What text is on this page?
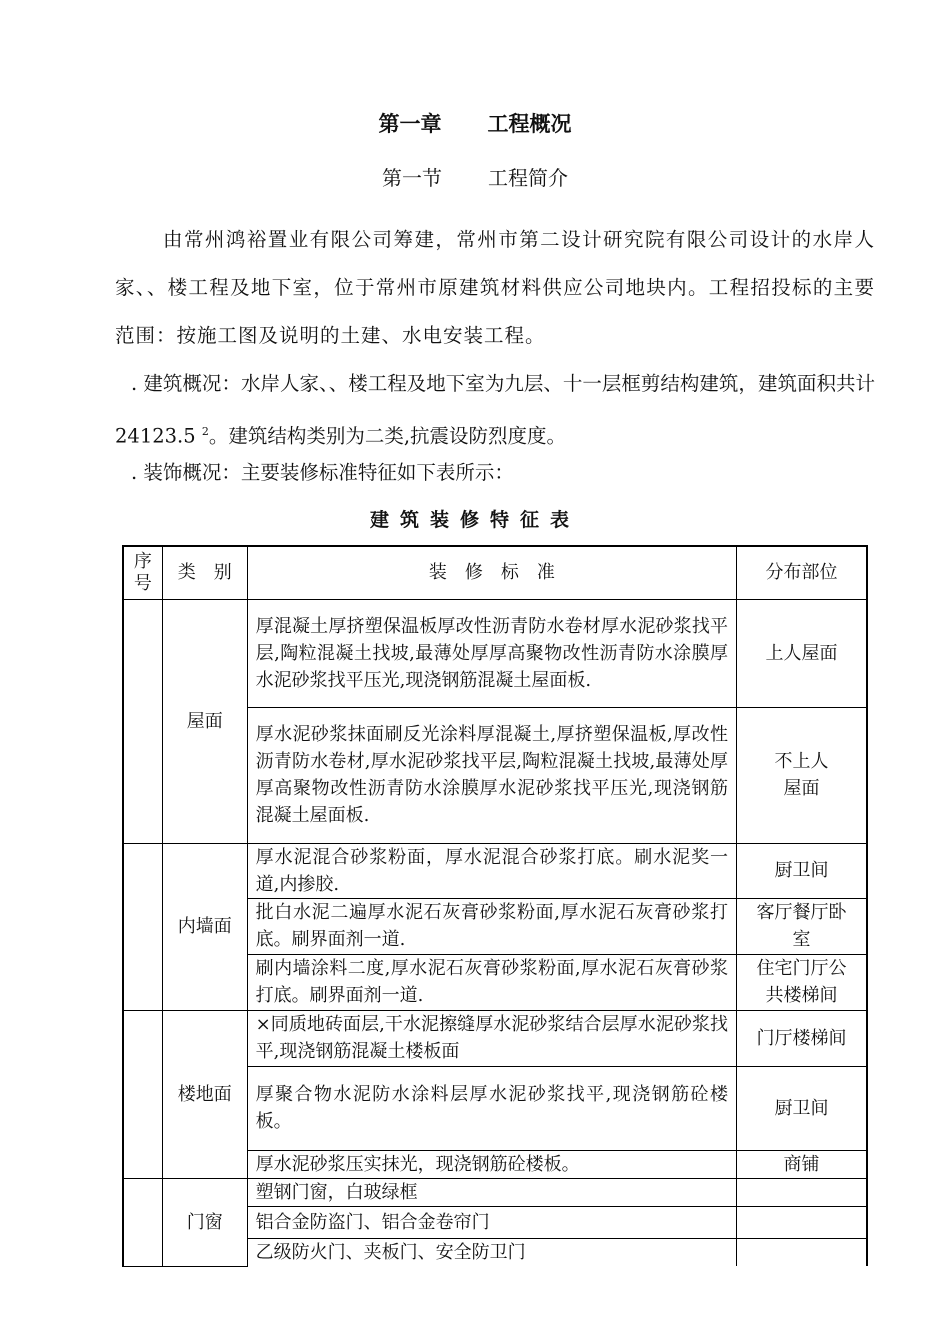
第一章 工程概况
第一节 工程简介
由常州鸿裕置业有限公司筹建，常州市第二设计研究院有限公司设计的水岸人家、、楼工程及地下室，位于常州市原建筑材料供应公司地块内。工程招投标的主要范围：按施工图及说明的土建、水电安装工程。
. 建筑概况：水岸人家、、楼工程及地下室为九层、十一层框剪结构建筑，建筑面积共计24123.5 $^2$。建筑结构类别为二类,抗震设防烈度度。
. 装饰概况：主要装修标准特征如下表所示：
建筑装修特征表
序号	类　别	装　修　标　准	分布部位
	屋面	厚混凝土厚挤塑保温板厚改性沥青防水卷材厚水泥砂浆找平层,陶粒混凝土找坡,最薄处厚厚高聚物改性沥青防水涂膜厚水泥砂浆找平压光,现浇钢筋混凝土屋面板.	上人屋面
		厚水泥砂浆抹面刷反光涂料厚混凝土,厚挤塑保温板,厚改性沥青防水卷材,厚水泥砂浆找平层,陶粒混凝土找坡,最薄处厚厚高聚物改性沥青防水涂膜厚水泥砂浆找平压光,现浇钢筋混凝土屋面板.	不上人屋面

	内墙面	厚水泥混合砂浆粉面，厚水泥混合砂浆打底。刷水泥奖一道,内掺胶.	厨卫间
		批白水泥二遍厚水泥石灰膏砂浆粉面,厚水泥石灰膏砂浆打底。刷界面剂一道.	客厅餐厅卧室

		刷内墙涂料二度,厚水泥石灰膏砂浆粉面,厚水泥石灰膏砂浆打底。刷界面剂一道.	住宅门厅公共楼梯间

	楼地面	×同质地砖面层,干水泥擦缝厚水泥砂浆结合层厚水泥砂浆找平,现浇钢筋混凝土楼板面	门厅楼梯间
		厚聚合物水泥防水涂料层厚水泥砂浆找平,现浇钢筋砼楼板。	厨卫间
		厚水泥砂浆压实抹光，现浇钢筋砼楼板。	商铺
	门窗	塑钢门窗，白玻绿框	
		铝合金防盗门、铝合金卷帘门	
		乙级防火门、夹板门、安全防卫门	
